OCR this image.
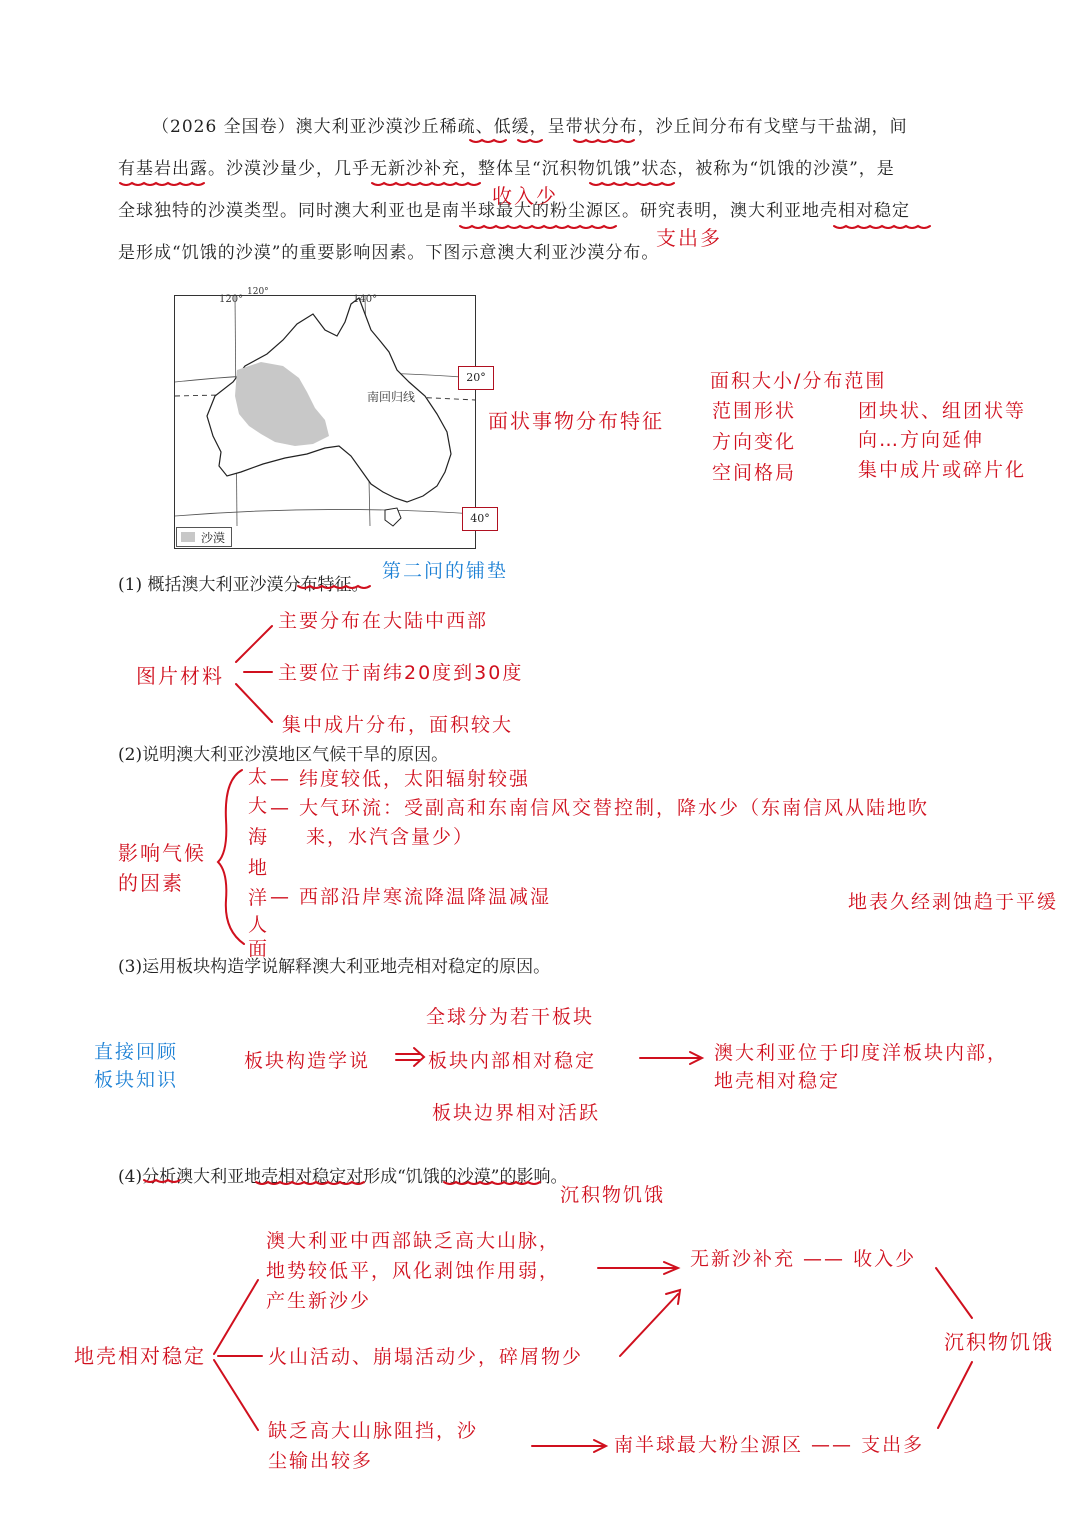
（2026 全国卷）澳大利亚沙漠沙丘稀疏、低缓，呈带状分布，沙丘间分布有戈壁与干盐湖，间
有基岩出露。沙漠沙量少，几乎无新沙补充，整体呈“沉积物饥饿”状态，被称为“饥饿的沙漠”，是
全球独特的沙漠类型。同时澳大利亚也是南半球最大的粉尘源区。研究表明，澳大利亚地壳相对稳定
是形成“饥饿的沙漠”的重要影响因素。下图示意澳大利亚沙漠分布。
收入少
支出多
120°
120°	140°
南回归线
沙漠
20°
40°
面状事物分布特征
面积大小/分布范围
范围形状	团块状、组团状等
方向变化	向…方向延伸
空间格局	集中成片或碎片化
(1) 概括澳大利亚沙漠分布特征。
第二问的铺垫
图片材料
主要分布在大陆中西部
主要位于南纬20度到30度
集中成片分布，面积较大
(2)说明澳大利亚沙漠地区气候干旱的原因。
影响气候的因素
太
大
海
地
洋
人
面
— 纬度较低，太阳辐射较强
— 大气环流：受副高和东南信风交替控制，降水少（东南信风从陆地吹
来，水汽含量少）
— 西部沿岸寒流降温降温减湿	地表久经剥蚀趋于平缓
(3)运用板块构造学说解释澳大利亚地壳相对稳定的原因。
直接回顾板块知识
全球分为若干板块
板块构造学说	板块内部相对稳定
板块边界相对活跃
澳大利亚位于印度洋板块内部，
地壳相对稳定
(4)分析澳大利亚地壳相对稳定对形成“饥饿的沙漠”的影响。
沉积物饥饿
地壳相对稳定
澳大利亚中西部缺乏高大山脉，
地势较低平，风化剥蚀作用弱，
产生新沙少
火山活动、崩塌活动少，碎屑物少
缺乏高大山脉阻挡，沙
尘输出较多
无新沙补充 —— 收入少
南半球最大粉尘源区 —— 支出多
沉积物饥饿
